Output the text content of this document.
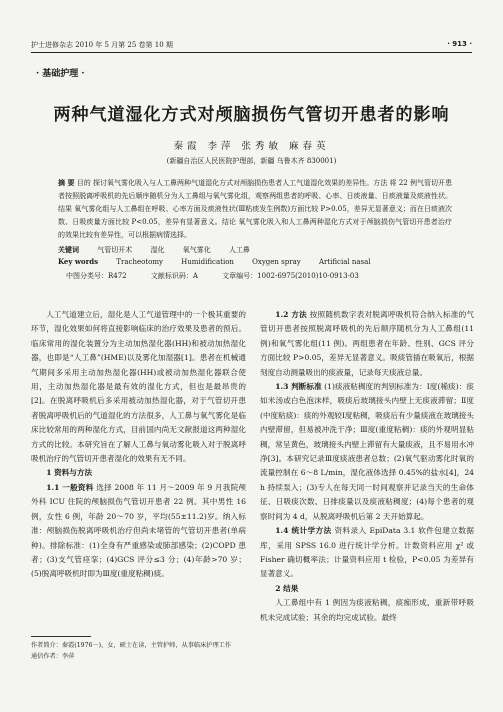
护士进修杂志 2010 年 5 月第 25 卷第 10 期	· 913 ·
· 基础护理 ·
两种气道湿化方式对颅脑损伤气管切开患者的影响
秦霞 李萍 张秀敏 麻春英
(新疆自治区人民医院护理部，新疆 乌鲁木齐 830001)
摘 要 目的 探讨氧气雾化吸入与人工鼻两种气道湿化方式对颅脑损伤患者人工气道湿化效果的差异性。方法 将 22 例气管切开患者按照脱离呼吸机的先后顺序随机分为人工鼻组与氧气雾化组，观察两组患者的呼吸、心率、日痰液量、日痰液量及痰液性状。结果 氧气雾化组与人工鼻组在呼吸、心率方面及痰液性状(Ⅲ粘痰发生例数)方面比较 P>0.05，差异无显著意义；而在日痰液次数、日吸痰量方面比较 P<0.05，差异有显著意义。结论 氧气雾化吸入和人工鼻两种湿化方式对于颅脑损伤气管切开患者治疗的效果比较有差异性，可以根据病情选择。
关键词	气管切开术	湿化	氧气雾化	人工鼻
Key words	Tracheotomy	Humidification	Oxygen spray	Artificial nasal
中图分类号：R472	文献标识码：A	文章编号：1002-6975(2010)10-0913-03

人工气道建立后，湿化是人工气道管理中的一个极其重要的环节，湿化效果如何将直接影响临床的治疗效果及患者的预后。临床常用的湿化装置分为主动加热湿化器(HH)和被动加热湿化器，也即是“人工鼻”(HME)以及雾化加湿器[1]。患者在机械通气期间多采用主动加热湿化器(HH)或被动加热湿化器联合使用，主动加热湿化器是最有效的湿化方式，但也是最昂贵的[2]。在脱离呼吸机后多采用被动加热湿化器，对于气管切开患者脱离呼吸机后的气道湿化的方法很多，人工鼻与氧气雾化是临床比较常用的两种湿化方式，目前国内尚无文献报道这两种湿化方式的比较。本研究旨在了解人工鼻与氧动雾化吸入对于脱离呼吸机治疗的气管切开患者湿化的效果有无不同。

1 资料与方法

1.1 一般资料 选择 2008 年 11 月～2009 年 9 月我院颅外科 ICU 住院的颅脑损伤气管切开患者 22 例。其中男性 16 例，女性 6 例，年龄 20～70 岁，平均(55±11.2)岁。纳入标准：颅脑损伤脱离呼吸机治疗但尚未堵管的气管切开患者(单病种)。排除标准：(1)全身有严重感染或肺部感染；(2)COPD 患者；(3)支气管痉挛；(4)GCS 评分≤3 分；(4)年龄>70 岁；(5)脱离呼吸机时即为Ⅲ度(重度粘稠)痰。

1.2 方法 按照随机数字表对脱离呼吸机符合纳入标准的气管切开患者按照脱离呼吸机的先后顺序随机分为人工鼻组(11 例)和氧气雾化组(11 例)。两组患者在年龄、性别、GCS 评分方面比较 P>0.05，差异无显著意义。吸痰管插在吸氧后，根据刻度自动测量吸出的痰液量，记录每天痰液总量。

1.3 判断标准 (1)痰液粘稠度的判别标准为：Ⅰ度(稀痰)：痰如米汤或白色泡沫样，吸痰后玻璃接头内壁上无痰液滞留；Ⅱ度(中度粘痰)：痰的外观较Ⅰ度粘稠，吸痰后有少量痰液在玻璃接头内壁滞留，但易被冲洗干净；Ⅲ度(重度粘稠)：痰的外观明显粘稠，常呈黄色，玻璃接头内壁上滞留有大量痰液，且不易用水冲净[3]。本研究记录Ⅲ度痰液患者总数；(2)氧气驱动雾化时氧的流量控制在 6～8 L/min，湿化液体选择 0.45%的盐水[4]，24 h 持续泵入；(3)专人在每天同一时间观察并记录当天的生命体征、日吸痰次数、日排痰量以及痰液粘稠度；(4)每个患者的观察时间为 4 d，从脱离呼吸机后第 2 天开始算起。

1.4 统计学方法 资料录入 EpiData 3.1 软件包建立数据库，采用 SPSS 16.0 进行统计学分析。计数资料应用 χ² 或 Fisher 确切概率法；计量资料应用 t 检验，P<0.05 为差异有显著意义。

2 结果

人工鼻组中有 1 例因为痰液粘稠，痰痂形成，重新带呼吸机未完成试验；其余的均完成试验。最终

作者简介：秦霞(1976－)，女，硕士在读，主管护师，从事临床护理工作
通信作者：李萍
